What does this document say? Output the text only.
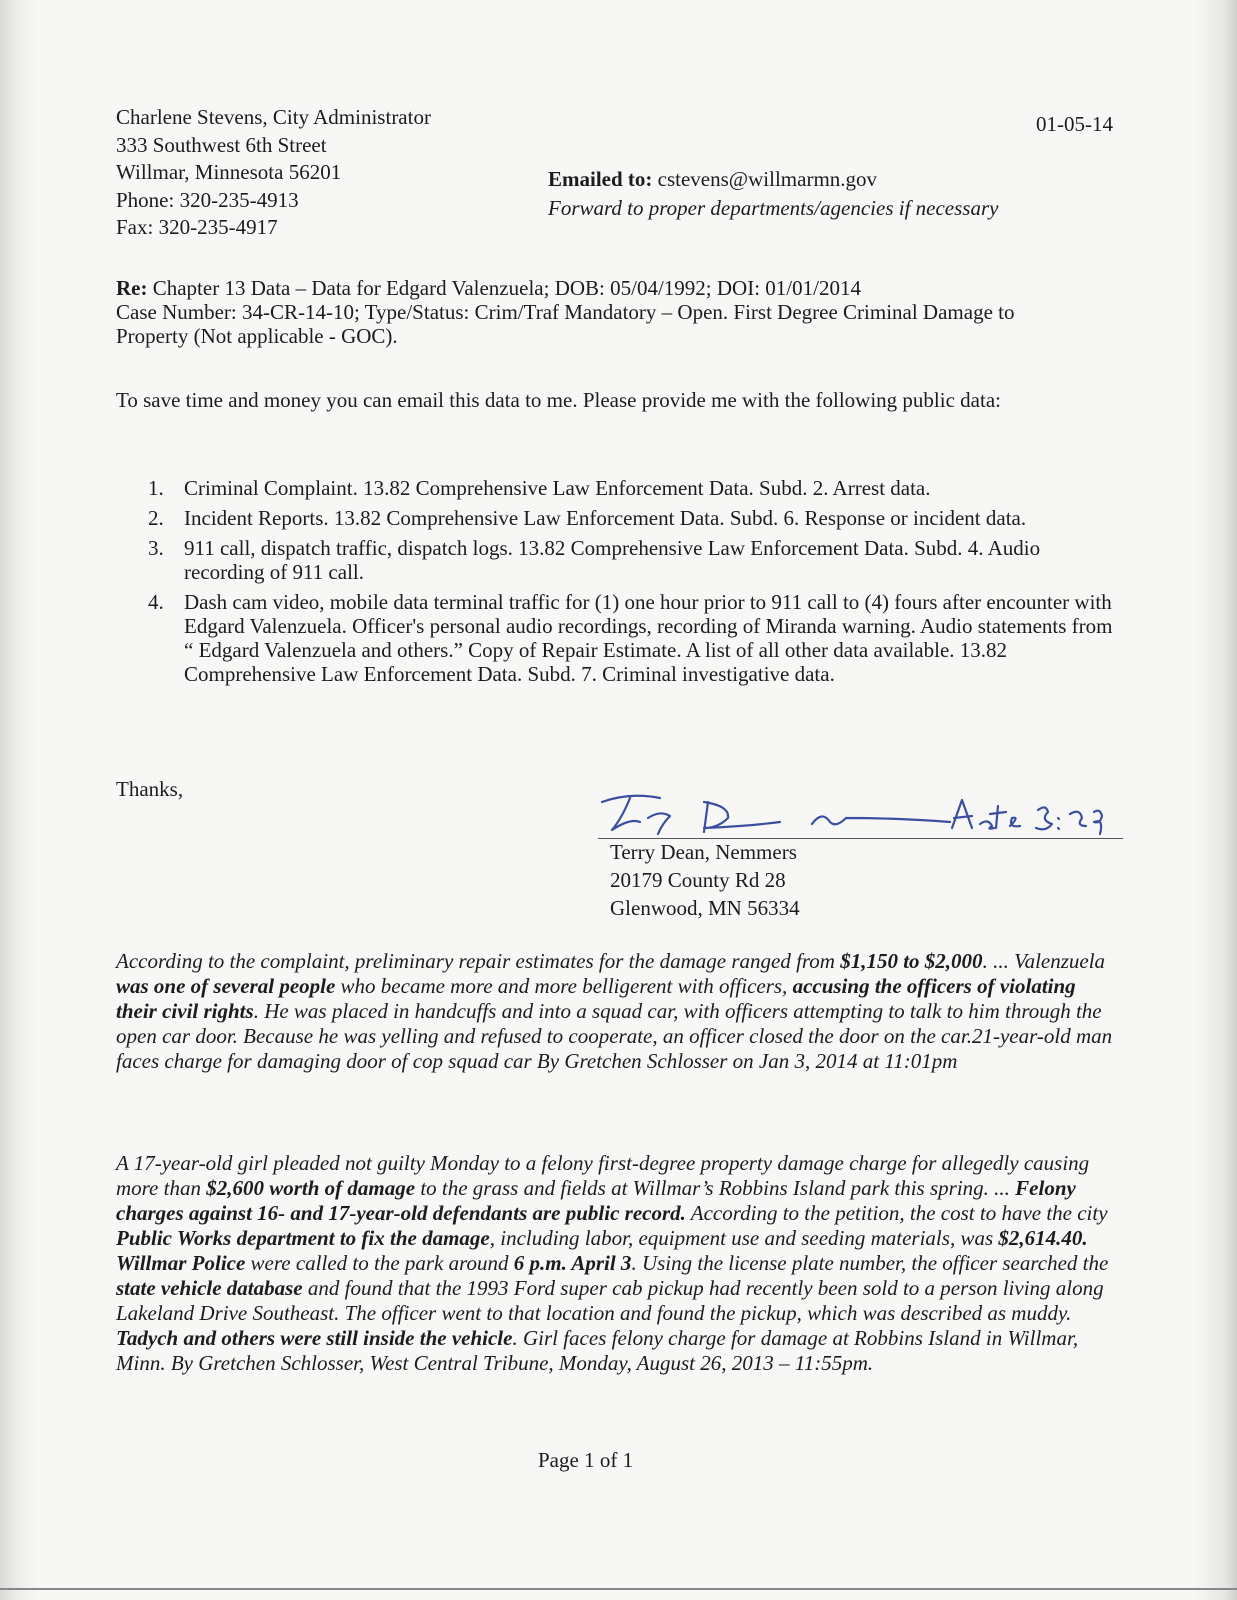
Charlene Stevens, City Administrator
333 Southwest 6th Street
Willmar, Minnesota 56201
Phone: 320-235-4913
Fax: 320-235-4917
01-05-14
Emailed to: cstevens@willmarmn.gov
Forward to proper departments/agencies if necessary
Re: Chapter 13 Data – Data for Edgard Valenzuela; DOB: 05/04/1992; DOI: 01/01/2014
Case Number: 34-CR-14-10; Type/Status: Crim/Traf Mandatory – Open. First Degree Criminal Damage to Property (Not applicable - GOC).
To save time and money you can email this data to me. Please provide me with the following public data:
1. Criminal Complaint. 13.82 Comprehensive Law Enforcement Data. Subd. 2. Arrest data.
2. Incident Reports. 13.82 Comprehensive Law Enforcement Data. Subd. 6. Response or incident data.
3. 911 call, dispatch traffic, dispatch logs. 13.82 Comprehensive Law Enforcement Data. Subd. 4. Audio recording of 911 call.
4. Dash cam video, mobile data terminal traffic for (1) one hour prior to 911 call to (4) fours after encounter with Edgard Valenzuela. Officer's personal audio recordings, recording of Miranda warning. Audio statements from “ Edgard Valenzuela and others.” Copy of Repair Estimate. A list of all other data available. 13.82 Comprehensive Law Enforcement Data. Subd. 7. Criminal investigative data.
Thanks,
Terry Dean, Nemmers
20179 County Rd 28
Glenwood, MN 56334
According to the complaint, preliminary repair estimates for the damage ranged from $1,150 to $2,000. ... Valenzuela was one of several people who became more and more belligerent with officers, accusing the officers of violating their civil rights. He was placed in handcuffs and into a squad car, with officers attempting to talk to him through the open car door. Because he was yelling and refused to cooperate, an officer closed the door on the car.21-year-old man faces charge for damaging door of cop squad car By Gretchen Schlosser on Jan 3, 2014 at 11:01pm
A 17-year-old girl pleaded not guilty Monday to a felony first-degree property damage charge for allegedly causing more than $2,600 worth of damage to the grass and fields at Willmar’s Robbins Island park this spring. ... Felony charges against 16- and 17-year-old defendants are public record. According to the petition, the cost to have the city Public Works department to fix the damage, including labor, equipment use and seeding materials, was $2,614.40. Willmar Police were called to the park around 6 p.m. April 3. Using the license plate number, the officer searched the state vehicle database and found that the 1993 Ford super cab pickup had recently been sold to a person living along Lakeland Drive Southeast. The officer went to that location and found the pickup, which was described as muddy. Tadych and others were still inside the vehicle. Girl faces felony charge for damage at Robbins Island in Willmar, Minn. By Gretchen Schlosser, West Central Tribune, Monday, August 26, 2013 – 11:55pm.
Page 1 of 1
